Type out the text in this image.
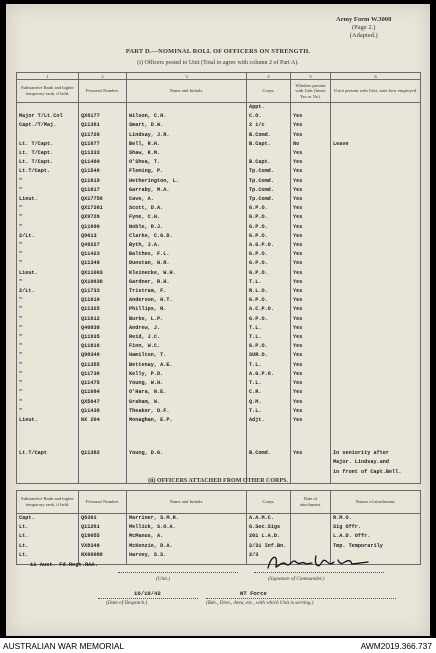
Army Form W.3008
(Page 2.)
(Adapted.)
PART D.—NOMINAL ROLL OF OFFICERS ON STRENGTH.
(i) Officers posted to Unit (Total to agree with column 2 of Part A).
1	2	3	4	5	6
Substantive Rank and higher temporary rank, if held.	Personal Number.	Name and Initials.	Corps.	Whether present with Unit (Insert Yes or No).	If not present with Unit, state how employed.
			Appt.		
Major T/Lt.Col	QX6177	Wilson, C.H.	C.O.	Yes	
Capt./T/Maj.	Q11361	Smart, D.W.	2 i/c	Yes	
	Q11720	Lindsay, J.R.	B.Comd.	Yes	
Lt. T/Capt.	Q11677	Bell, R.H.	B.Capt.	No	Leave
Lt. T/Capt.	Q11333	Shaw, K.M.		Yes	
Lt. T/Capt.	Q11460	O'Shea, T.	B.Capt.	Yes	
Lt.T/Capt.	Q11546	Fleming, P.	Tp.Comd.	Yes	
"	Q11619	Hetherington, L.	Tp.Comd.	Yes	
"	Q11617	Garraby, M.A.	Tp.Comd.	Yes	
Lieut.	QX17758	Cave, A.	Tp.Comd.	Yes	
"	QX17361	Scott, D.A.	G.P.O.	Yes	
"	QX9726	Fyne, C.H.	G.P.O.	Yes	
"	Q11690	Noble, R.J.	G.P.O.	Yes	
2/Lt.	Q9613	Clarke, C.G.D.	G.P.O.	Yes	
"	Q49227	Byth, J.A.	A.G.P.O.	Yes	
"	Q11423	Balthes, F.L.	G.P.O.	Yes	
"	Q11349	Dunstan, W.R.	G.P.O.	Yes	
Lieut.	QX11003	Kleinecke, W.H.	G.P.O.	Yes	
"	QX10630	Gardner, R.H.	T.L.	Yes	
2/Lt.	Q11733	Tristram, F.	R.L.O.	Yes	
"	Q11610	Anderson, H.T.	G.P.O.	Yes	
"	Q11325	Phillips, R.	A.C.P.O.	Yes	
"	Q11612	Burke, L.P.	G.P.O.	Yes	
"	Q40838	Andrew, J.	T.L.	Yes	
"	Q11935	Reid, J.C.	T.L.	Yes	
"	Q11616	Finn, W.C.	G.P.O.	Yes	
"	Q98346	Hamilton, T.	SUR.O.	Yes	
"	Q11355	Bettenay, A.E.	T.L.	Yes	
"	Q11736	Kelly, P.D.	A.G.P.O.	Yes	
"	Q11475	Young, W.H.	T.L.	Yes	
"	Q11684	O'Hara, N.E.	C.R.	Yes	
"	QX5647	Graham, W.	Q.M.	Yes	
"	Q11438	Theaker, D.F.	T.L.	Yes	
Lieut.	NX 204	Monaghan, E.P.	Adjt.	Yes	

Lt.T/Capt	Q11382	Young, D.G.	B.Comd.	Yes	In seniority after
					Major. Lindsay.and
					in front of Capt.Bell.

(ii) OFFICERS ATTACHED FROM OTHER CORPS.
Substantive Rank and higher temporary rank, if held.	Personal Number.	Name and Initials.	Corps.	Date of attachment.	Nature of attachment.
Capt.	Q6301	Marriner, S.M.R.	A.A.M.C.		R.M.O.
Lt.	Q11261	Mellick, S.O.A.	G.Sec.Sigs		Sig Offr.
Lt.	Q19055	McManus, A.	201 L.A.D.		L.A.D. Offr.
Lt.	VX8348	McKenzie, D.A.	2/31 Inf.Bn.		Tmp. Temporarily
Lt.	NX60088	Harvey, S.S.	2/3		

11 Aust. Fd.Regt.RAA.
(Unit.)	(Signature of Commander.)
10/10/42
(Date of Despatch.)
NT Force
(Bde., Divn., Area, etc., with which Unit is serving.)
AUSTRALIAN WAR MEMORIAL	AWM2019.366.737
